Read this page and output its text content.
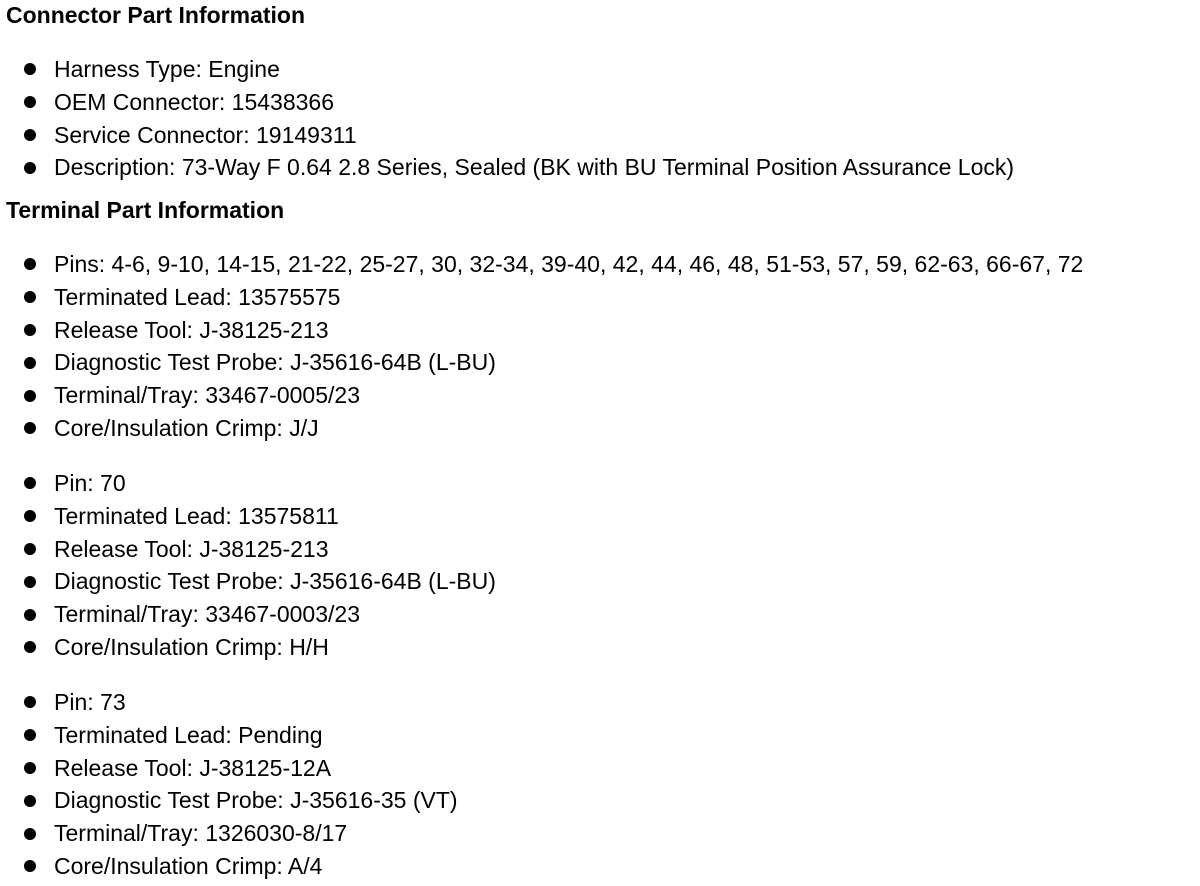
Connector Part Information
Harness Type: Engine
OEM Connector: 15438366
Service Connector: 19149311
Description: 73-Way F 0.64 2.8 Series, Sealed (BK with BU Terminal Position Assurance Lock)
Terminal Part Information
Pins: 4-6, 9-10, 14-15, 21-22, 25-27, 30, 32-34, 39-40, 42, 44, 46, 48, 51-53, 57, 59, 62-63, 66-67, 72
Terminated Lead: 13575575
Release Tool: J-38125-213
Diagnostic Test Probe: J-35616-64B (L-BU)
Terminal/Tray: 33467-0005/23
Core/Insulation Crimp: J/J
Pin: 70
Terminated Lead: 13575811
Release Tool: J-38125-213
Diagnostic Test Probe: J-35616-64B (L-BU)
Terminal/Tray: 33467-0003/23
Core/Insulation Crimp: H/H
Pin: 73
Terminated Lead: Pending
Release Tool: J-38125-12A
Diagnostic Test Probe: J-35616-35 (VT)
Terminal/Tray: 1326030-8/17
Core/Insulation Crimp: A/4
